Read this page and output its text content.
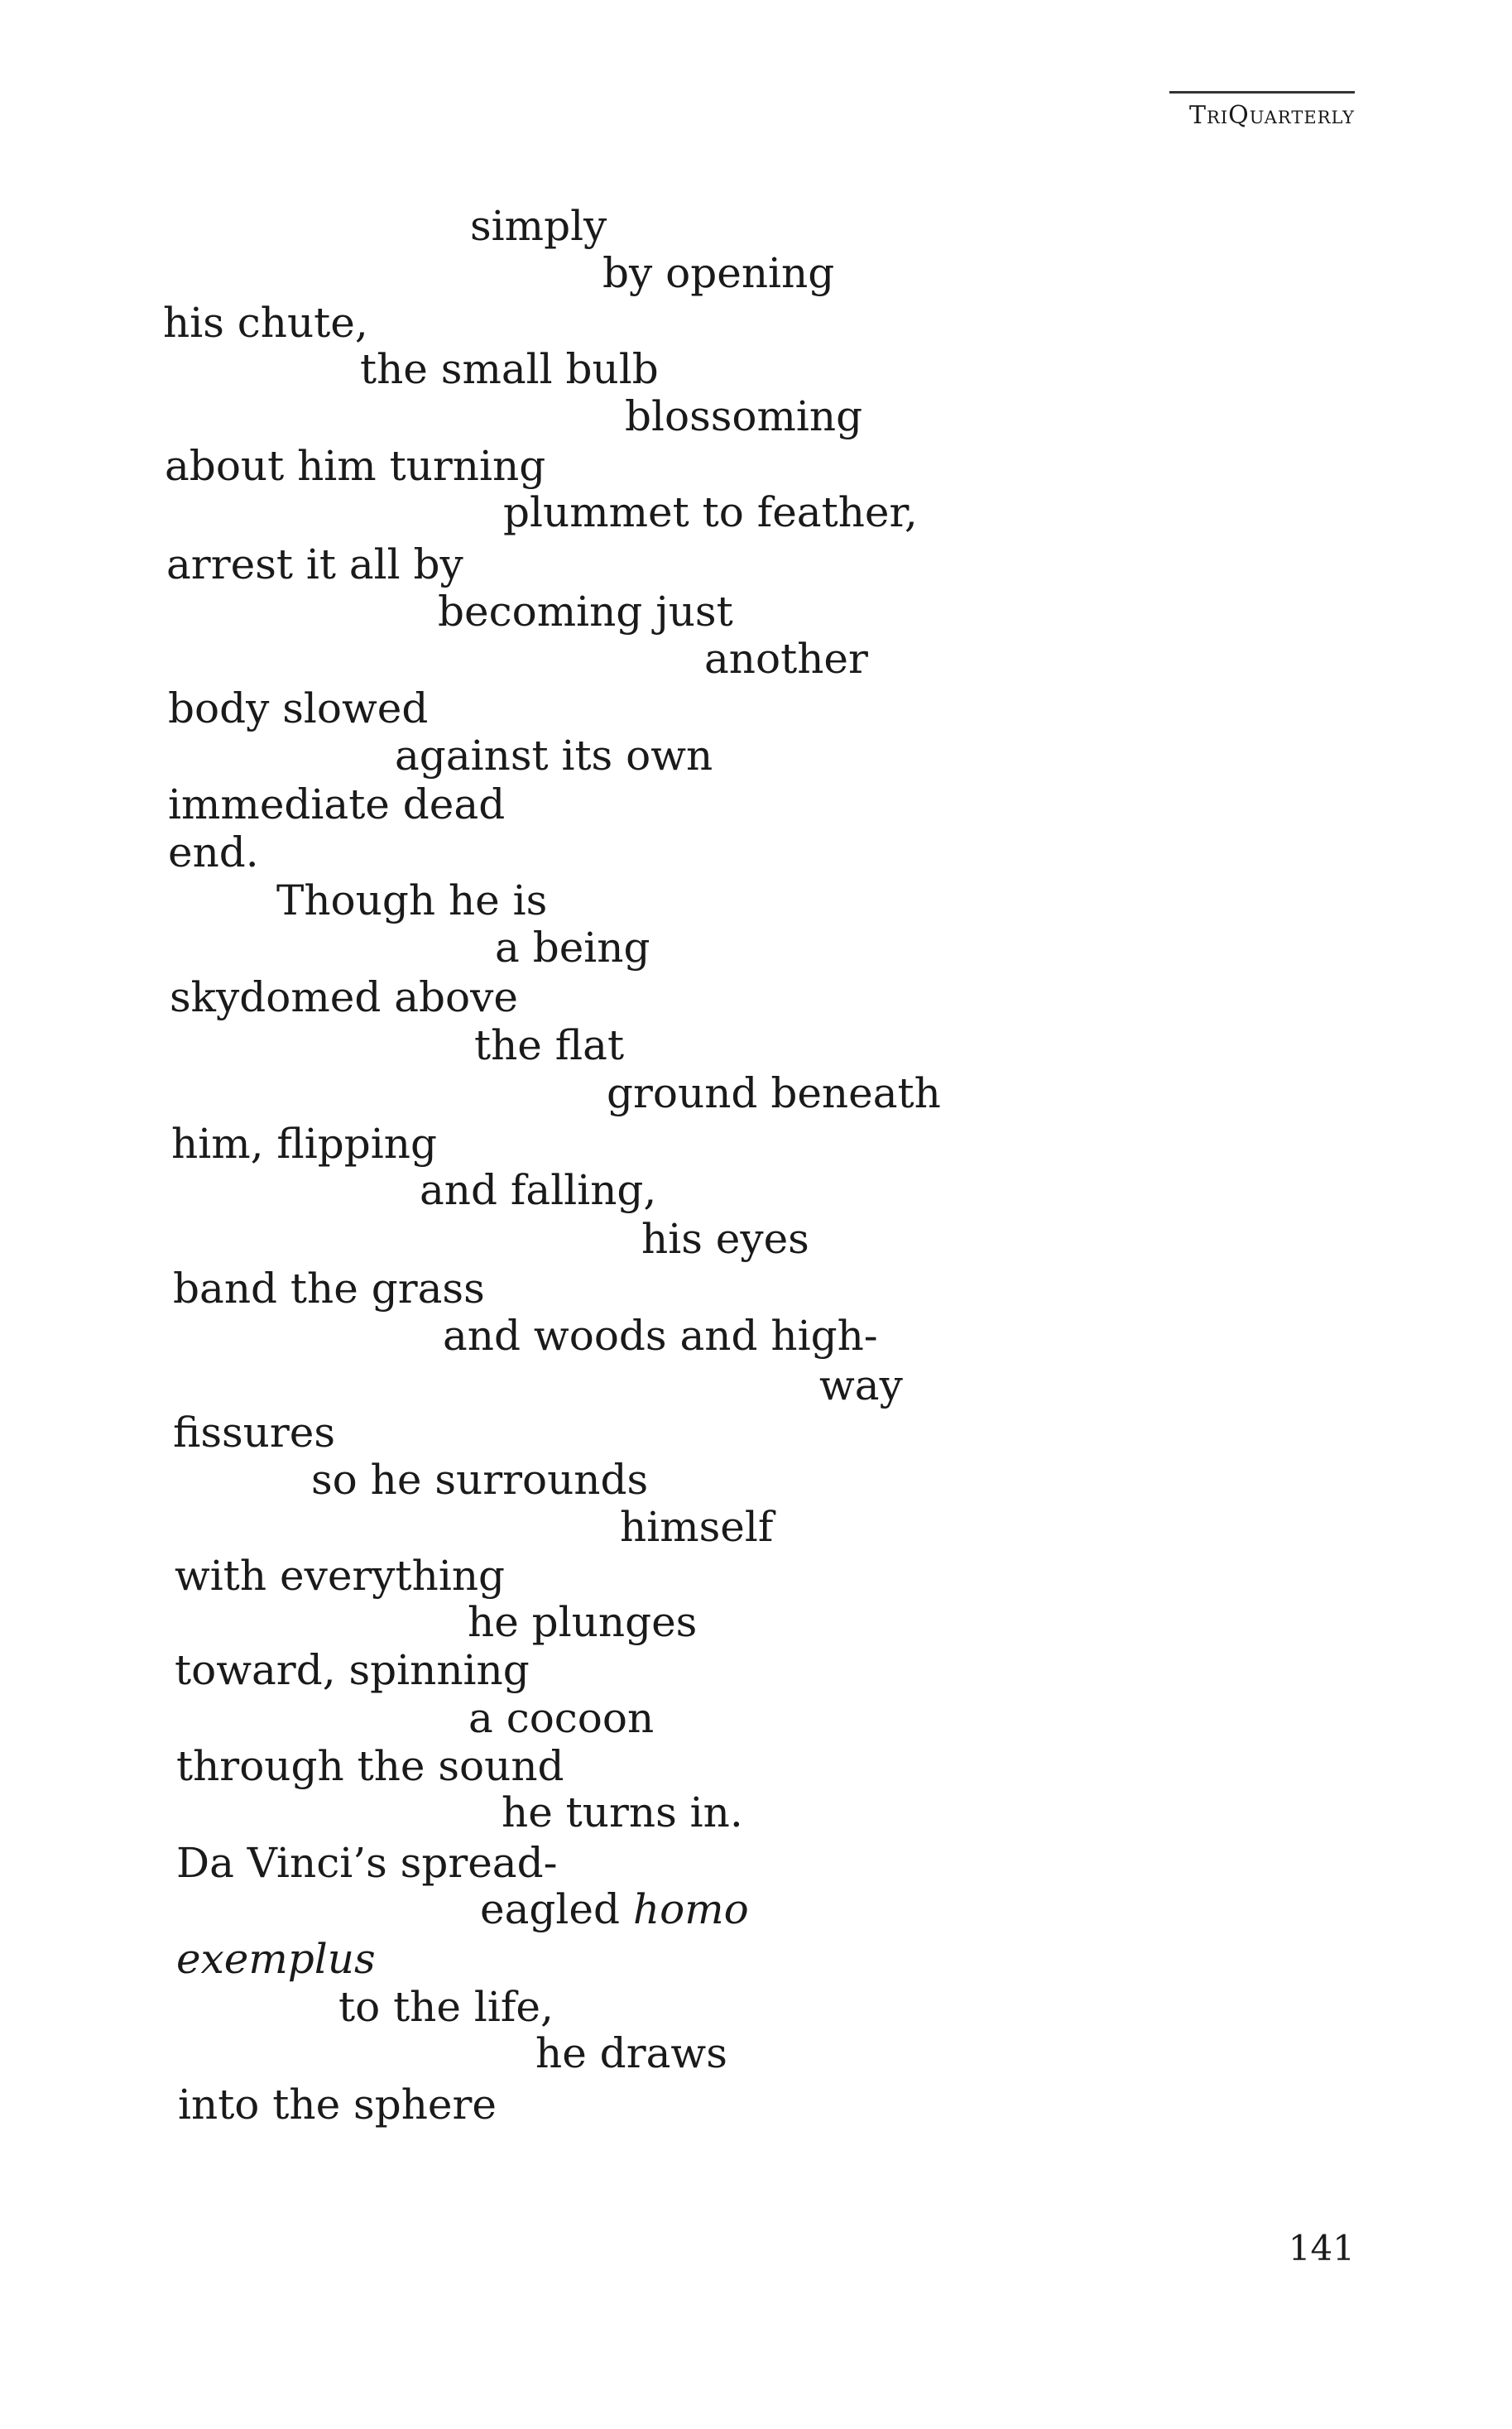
TriQuarterly
simply
by opening
his chute,
the small bulb
blossoming
about him turning
plummet to feather,
arrest it all by
becoming just
another
body slowed
against its own
immediate dead
end.
Though he is
a being
skydomed above
the flat
ground beneath
him, flipping
and falling,
his eyes
band the grass
and woods and high-
way
fissures
so he surrounds
himself
with everything
he plunges
toward, spinning
a cocoon
through the sound
he turns in.
Da Vinci’s spread-
eagled homo
exemplus
to the life,
he draws
into the sphere
141
